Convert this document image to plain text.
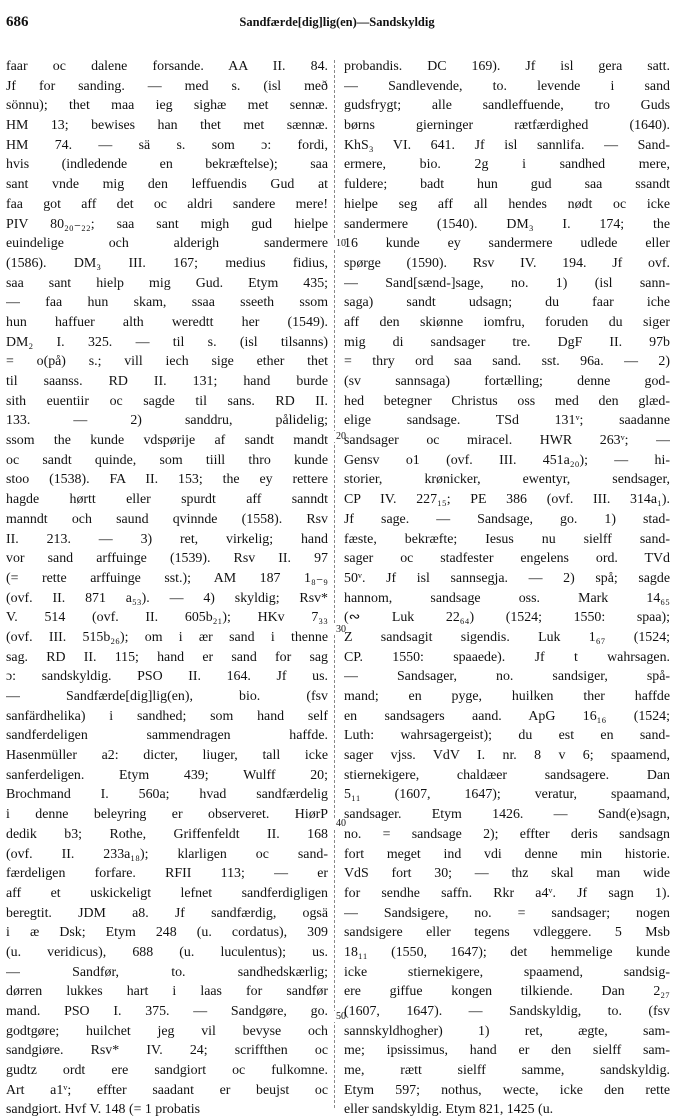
686	Sandfærde[dig]lig(en)—Sandskyldig
10
20
30
40
50
faar oc dalene forsande. AA II. 84.
Jf for sanding. — med s. (isl með
sönnu); thet maa ieg sighæ met sennæ.
HM 13; bewises han thet met sænnæ.
HM 74. — sä s. som ɔ: fordi,
hvis (indledende en bekræftelse); saa
sant vnde mig den leffuendis Gud at
faa got aff det oc aldri sandere mere!
PIV 80₂₀₋₂₂; saa sant migh gud hielpe
euindelige och alderigh sandermere
(1586). DM₃ III. 167; medius fidius,
saa sant hielp mig Gud. Etym 435;
— faa hun skam, ssaa sseeth ssom
hun haffuer alth weredtt her (1549).
DM₂ I. 325. — til s. (isl tilsanns)
= o(på) s.; vill iech sige ether thet
til saanss. RD II. 131; hand burde
sith euentiir oc sagde til sans. RD II.
133. — 2) sanddru, pålidelig;
ssom the kunde vdspørije af sandt mandt
oc sandt quinde, som tiill thro kunde
stoo (1538). FA II. 153; the ey rettere
hagde hørtt eller spurdt aff sanndt
manndt och saund qvinnde (1558). Rsv
II. 213. — 3) ret, virkelig; hand
vor sand arffuinge (1539). Rsv II. 97
(= rette arffuinge sst.); AM 187 1₈₋₉
(ovf. II. 871 a₅₃). — 4) skyldig; Rsv*
V. 514 (ovf. II. 605b₂₁); HKv 7₃₃
(ovf. III. 515b₂₆); om i ær sand i thenne
sag. RD II. 115; hand er sand for sag
ɔ: sandskyldig. PSO II. 164. Jf us.
— Sandfærde[dig]lig(en), bio. (fsv
sanfärdhelika) i sandhed; som hand self
sandferdeligen sammendragen haffde.
Hasenmüller a2: dicter, liuger, tall icke
sanferdeligen. Etym 439; Wulff 20;
Brochmand I. 560a; hvad sandfærdelig
i denne beleyring er observeret. HiørP
dedik b3; Rothe, Griffenfeldt II. 168
(ovf. II. 233a₁₈); klarligen oc sand-
færdeligen forfare. RFII 113; — er
aff et uskickeligt lefnet sandferdigligen
beregtit. JDM a8. Jf sandfærdig, ogsä
i æ Dsk; Etym 248 (u. cordatus), 309
(u. veridicus), 688 (u. luculentus); us.
— Sandfør, to. sandhedskærlig;
dørren lukkes hart i laas for sandfør
mand. PSO I. 375. — Sandgøre, go.
godtgøre; huilchet jeg vil bevyse och
sandgiøre. Rsv* IV. 24; scriffthen oc
gudtz ordt ere sandgiort oc fulkomne.
Art a1ᵛ; effter saadant er beujst oc
sandgiort. Hvf V. 148 (= 1 probatis
probandis. DC 169). Jf isl gera satt.
— Sandlevende, to. levende i sand
gudsfrygt; alle sandleffuende, tro Guds
børns gierninger rætfærdighed (1640).
KhS₃ VI. 641. Jf isl sannlifa. — Sand-
ermere, bio. 2g i sandhed mere,
fuldere; badt hun gud saa ssandt
hielpe seg aff all hendes nødt oc icke
sandermere (1540). DM₃ I. 174; the
16 kunde ey sandermere udlede eller
spørge (1590). Rsv IV. 194. Jf ovf.
— Sand[sænd-]sage, no. 1) (isl sann-
saga) sandt udsagn; du faar iche
aff den skiønne iomfru, foruden du siger
mig di sandsager tre. DgF II. 97b
= thry ord saa sand. sst. 96a. — 2)
(sv sannsaga) fortælling; denne god-
hed betegner Christus oss med den glæd-
elige sandsage. TSd 131ᵛ; saadanne
sandsager oc miracel. HWR 263ᵛ; —
Gensv o1 (ovf. III. 451a₂₀); — hi-
storier, krønicker, ewentyr, sendsager,
CP IV. 227₁₅; PE 386 (ovf. III. 314a₁).
Jf sage. — Sandsage, go. 1) stad-
fæste, bekræfte; Iesus nu sielff sand-
sager oc stadfester engelens ord. TVd
50ᵛ. Jf isl sannsegja. — 2) spå; sagde
hannom, sandsage oss. Mark 14₆₅
(∾ Luk 22₆₄) (1524; 1550: spaa);
Z sandsagit sigendis. Luk 1₆₇ (1524;
CP. 1550: spaaede). Jf t wahrsagen.
— Sandsager, no. sandsiger, spå-
mand; en pyge, huilken ther haffde
en sandsagers aand. ApG 16₁₆ (1524;
Luth: wahrsagergeist); du est en sand-
sager vjss. VdV I. nr. 8 v 6; spaamend,
stiernekigere, chaldæer sandsagere. Dan
5₁₁ (1607, 1647); veratur, spaamand,
sandsager. Etym 1426. — Sand(e)sagn,
no. = sandsage 2); effter deris sandsagn
fort meget ind vdi denne min historie.
VdS fort 30; — thz skal man wide
for sendhe saffn. Rkr a4ᵛ. Jf sagn 1).
— Sandsigere, no. = sandsager; nogen
sandsigere eller tegens vdleggere. 5 Msb
18₁₁ (1550, 1647); det hemmelige kunde
icke stiernekigere, spaamend, sandsig-
ere giffue kongen tilkiende. Dan 2₂₇
(1607, 1647). — Sandskyldig, to. (fsv
sannskyldhogher) 1) ret, ægte, sam-
me; ipsissimus, hand er den sielff sam-
me, rætt sielff samme, sandskyldig.
Etym 597; nothus, wecte, icke den rette
eller sandskyldig. Etym 821, 1425 (u.
